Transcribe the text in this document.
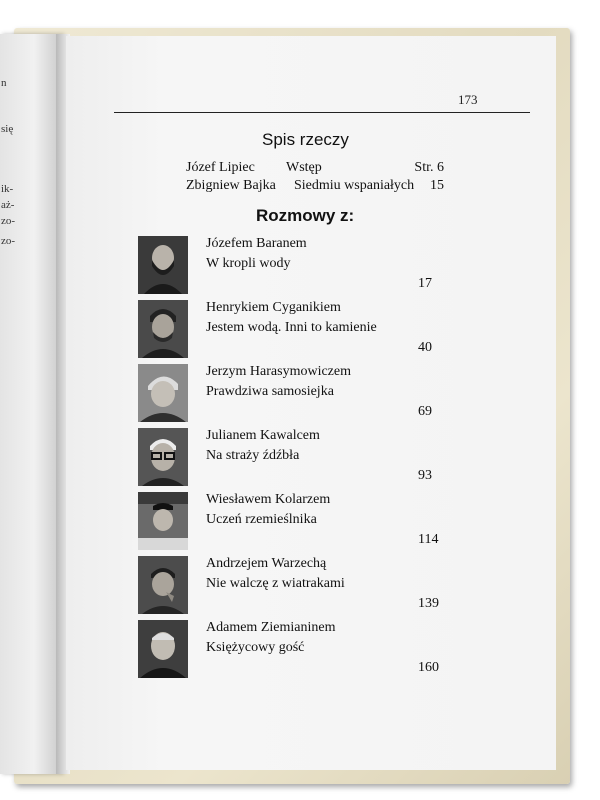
n
się
ik-
aż-
zo-
zo-
173
Spis rzeczy
Józef Lipiec Wstęp	Str. 6
Zbigniew Bajka Siedmiu wspaniałych	15
Rozmowy z:
Józefem Baranem
W kropli wody
17
Henrykiem Cyganikiem
Jestem wodą. Inni to kamienie
40
Jerzym Harasymowiczem
Prawdziwa samosiejka
69
Julianem Kawalcem
Na straży źdźbła
93
Wiesławem Kolarzem
Uczeń rzemieślnika
114
Andrzejem Warzechą
Nie walczę z wiatrakami
139
Adamem Ziemianinem
Księżycowy gość
160
